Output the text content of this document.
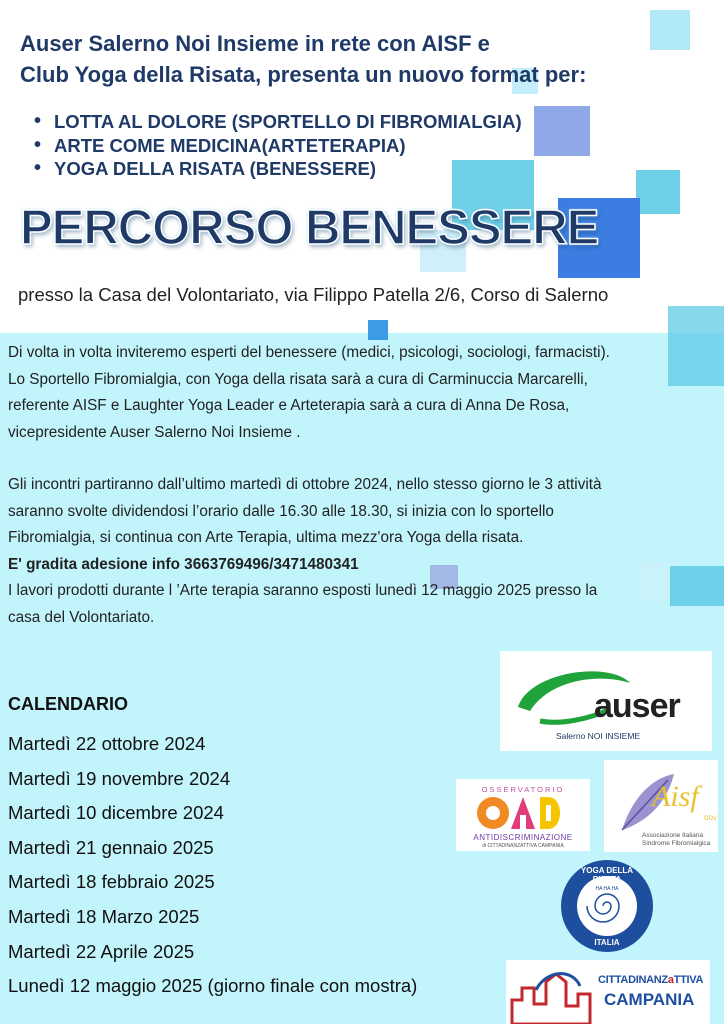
Auser Salerno Noi Insieme in rete con AISF e
Club Yoga della Risata, presenta un nuovo format per:
• LOTTA AL DOLORE (SPORTELLO DI FIBROMIALGIA)
• ARTE COME MEDICINA(ARTETERAPIA)
• YOGA DELLA RISATA (BENESSERE)
PERCORSO BENESSERE
presso la Casa del Volontariato, via Filippo Patella 2/6, Corso di Salerno

Di volta in volta inviteremo esperti del benessere (medici, psicologi, sociologi, farmacisti).

Lo Sportello Fibromialgia, con Yoga della risata sarà a cura di Carminuccia Marcarelli,

referente AISF e Laughter Yoga Leader e Arteterapia sarà a cura di Anna De Rosa,

vicepresidente Auser Salerno Noi Insieme .

Gli incontri partiranno dall’ultimo martedì di ottobre 2024, nello stesso giorno le 3 attività

saranno svolte dividendosi l’orario dalle 16.30 alle 18.30, si inizia con lo sportello

Fibromialgia, si continua con Arte Terapia, ultima mezz'ora Yoga della risata.

E' gradita adesione info 3663769496/3471480341

I lavori prodotti durante l ’Arte terapia saranno esposti lunedì 12 maggio 2025 presso la

casa del Volontariato.

CALENDARIO
Martedì 22 ottobre 2024
Martedì 19 novembre 2024
Martedì 10 dicembre 2024
Martedì 21 gennaio 2025
Martedì 18 febbraio 2025
Martedì 18 Marzo 2025
Martedì 22 Aprile 2025
Lunedì 12 maggio 2025 (giorno finale con mostra)
auser
Salerno NOI INSIEME
OSSERVATORIO
ANTIDISCRIMINAZIONE
di CITTADINANZATTIVA CAMPANIA
Aisf
ODV
Associazione Italiana
Sindrome Fibromialgica
YOGA DELLA RISATA
HA HA HA
ITALIA
CITTADINANZaTTIVA
CAMPANIA
